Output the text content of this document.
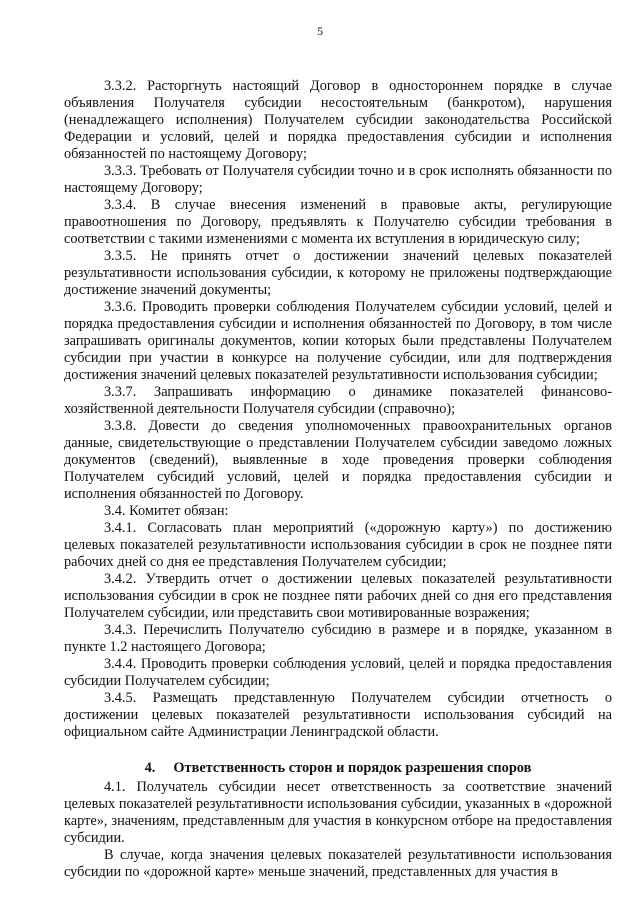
5

3.3.2. Расторгнуть настоящий Договор в одностороннем порядке в случае объявления Получателя субсидии несостоятельным (банкротом), нарушения (ненадлежащего исполнения) Получателем субсидии законодательства Российской Федерации и условий, целей и порядка предоставления субсидии и исполнения обязанностей по настоящему Договору;

3.3.3. Требовать от Получателя субсидии точно и в срок исполнять обязанности по настоящему Договору;

3.3.4. В случае внесения изменений в правовые акты, регулирующие правоотношения по Договору, предъявлять к Получателю субсидии требования в соответствии с такими изменениями с момента их вступления в юридическую силу;

3.3.5. Не принять отчет о достижении значений целевых показателей результативности использования субсидии, к которому не приложены подтверждающие достижение значений документы;

3.3.6. Проводить проверки соблюдения Получателем субсидии условий, целей и порядка предоставления субсидии и исполнения обязанностей по Договору, в том числе запрашивать оригиналы документов, копии которых были представлены Получателем субсидии при участии в конкурсе на получение субсидии, или для подтверждения достижения значений целевых показателей результативности использования субсидии;

3.3.7. Запрашивать информацию о динамике показателей финансово-хозяйственной деятельности Получателя субсидии (справочно);

3.3.8. Довести до сведения уполномоченных правоохранительных органов данные, свидетельствующие о представлении Получателем субсидии заведомо ложных документов (сведений), выявленные в ходе проведения проверки соблюдения Получателем субсидий условий, целей и порядка предоставления субсидии и исполнения обязанностей по Договору.

3.4. Комитет обязан:

3.4.1. Согласовать план мероприятий («дорожную карту») по достижению целевых показателей результативности использования субсидии в срок не позднее пяти рабочих дней со дня ее представления Получателем субсидии;

3.4.2. Утвердить отчет о достижении целевых показателей результативности использования субсидии в срок не позднее пяти рабочих дней со дня его представления Получателем субсидии, или представить свои мотивированные возражения;

3.4.3. Перечислить Получателю субсидию в размере и в порядке, указанном в пункте 1.2 настоящего Договора;

3.4.4. Проводить проверки соблюдения условий, целей и порядка предоставления субсидии Получателем субсидии;

3.4.5. Размещать представленную Получателем субсидии отчетность о достижении целевых показателей результативности использования субсидий на официальном сайте Администрации Ленинградской области.

4. Ответственность сторон и порядок разрешения споров

4.1. Получатель субсидии несет ответственность за соответствие значений целевых показателей результативности использования субсидии, указанных в «дорожной карте», значениям, представленным для участия в конкурсном отборе на предоставления субсидии.

В случае, когда значения целевых показателей результативности использования субсидии по «дорожной карте» меньше значений, представленных для участия в
